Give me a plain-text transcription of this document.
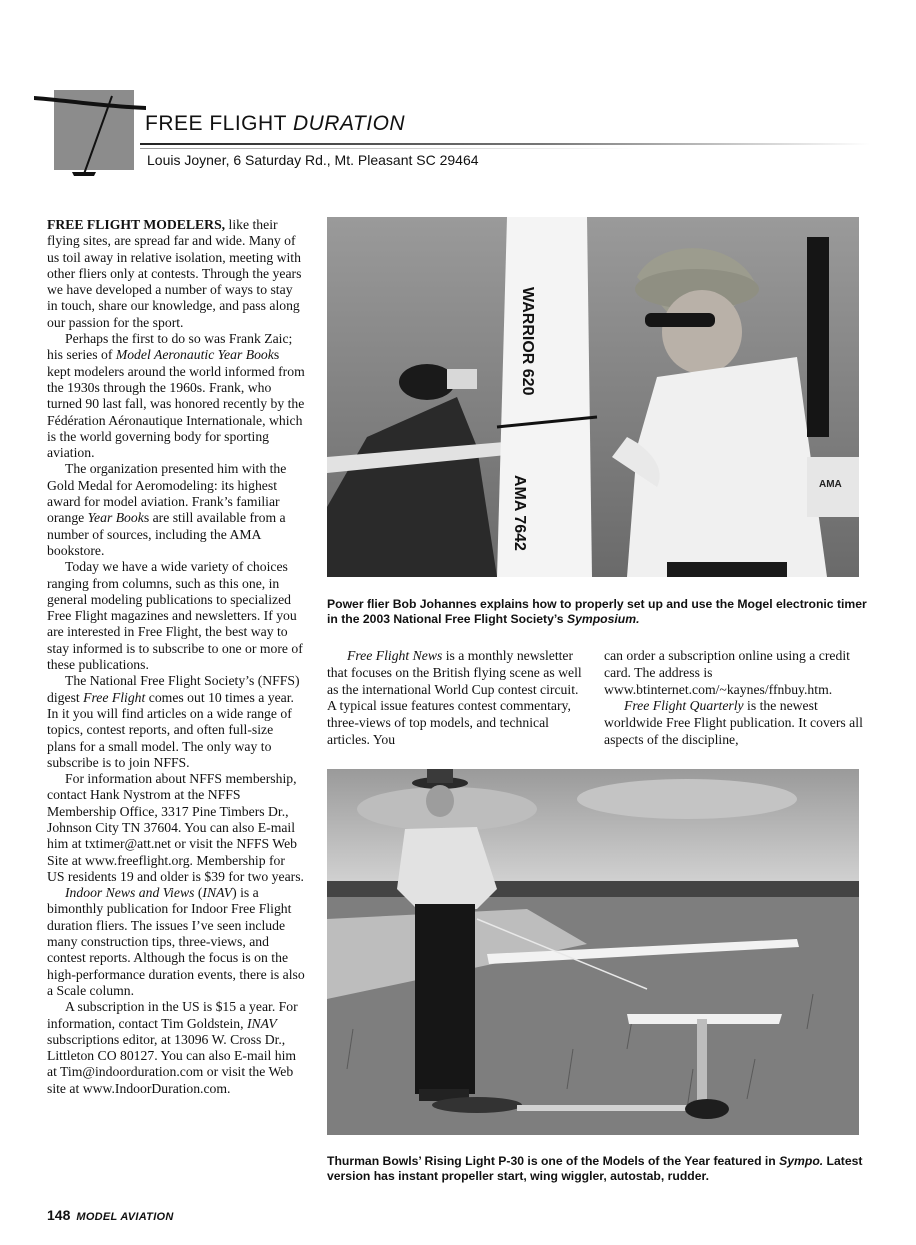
FREE FLIGHT DURATION
Louis Joyner, 6 Saturday Rd., Mt. Pleasant SC 29464

FREE FLIGHT MODELERS, like their flying sites, are spread far and wide. Many of us toil away in relative isolation, meeting with other fliers only at contests. Through the years we have developed a number of ways to stay in touch, share our knowledge, and pass along our passion for the sport.

Perhaps the first to do so was Frank Zaic; his series of Model Aeronautic Year Books kept modelers around the world informed from the 1930s through the 1960s. Frank, who turned 90 last fall, was honored recently by the Fédération Aéronautique Internationale, which is the world governing body for sporting aviation.

The organization presented him with the Gold Medal for Aeromodeling: its highest award for model aviation. Frank’s familiar orange Year Books are still available from a number of sources, including the AMA bookstore.

Today we have a wide variety of choices ranging from columns, such as this one, in general modeling publications to specialized Free Flight magazines and newsletters. If you are interested in Free Flight, the best way to stay informed is to subscribe to one or more of these publications.

The National Free Flight Society’s (NFFS) digest Free Flight comes out 10 times a year. In it you will find articles on a wide range of topics, contest reports, and often full-size plans for a small model. The only way to subscribe is to join NFFS.

For information about NFFS membership, contact Hank Nystrom at the NFFS Membership Office, 3317 Pine Timbers Dr., Johnson City TN 37604. You can also E-mail him at txtimer@att.net or visit the NFFS Web Site at www.freeflight.org. Membership for US residents 19 and older is $39 for two years.

Indoor News and Views (INAV) is a bimonthly publication for Indoor Free Flight duration fliers. The issues I’ve seen include many construction tips, three-views, and contest reports. Although the focus is on the high-performance duration events, there is also a Scale column.

A subscription in the US is $15 a year. For information, contact Tim Goldstein, INAV subscriptions editor, at 13096 W. Cross Dr., Littleton CO 80127. You can also E-mail him at Tim@indoorduration.com or visit the Web site at www.IndoorDuration.com.

WARRIOR 620
AMA 7642	AMA
Power flier Bob Johannes explains how to properly set up and use the Mogel electronic timer in the 2003 National Free Flight Society’s Symposium.

Free Flight News is a monthly newsletter that focuses on the British flying scene as well as the international World Cup contest circuit. A typical issue features contest commentary, three-views of top models, and technical articles. You

can order a subscription online using a credit card. The address is www.btinternet.com/~kaynes/ffnbuy.htm.

Free Flight Quarterly is the newest worldwide Free Flight publication. It covers all aspects of the discipline,

Thurman Bowls’ Rising Light P-30 is one of the Models of the Year featured in Sympo. Latest version has instant propeller start, wing wiggler, autostab, rudder.
148 MODEL AVIATION
